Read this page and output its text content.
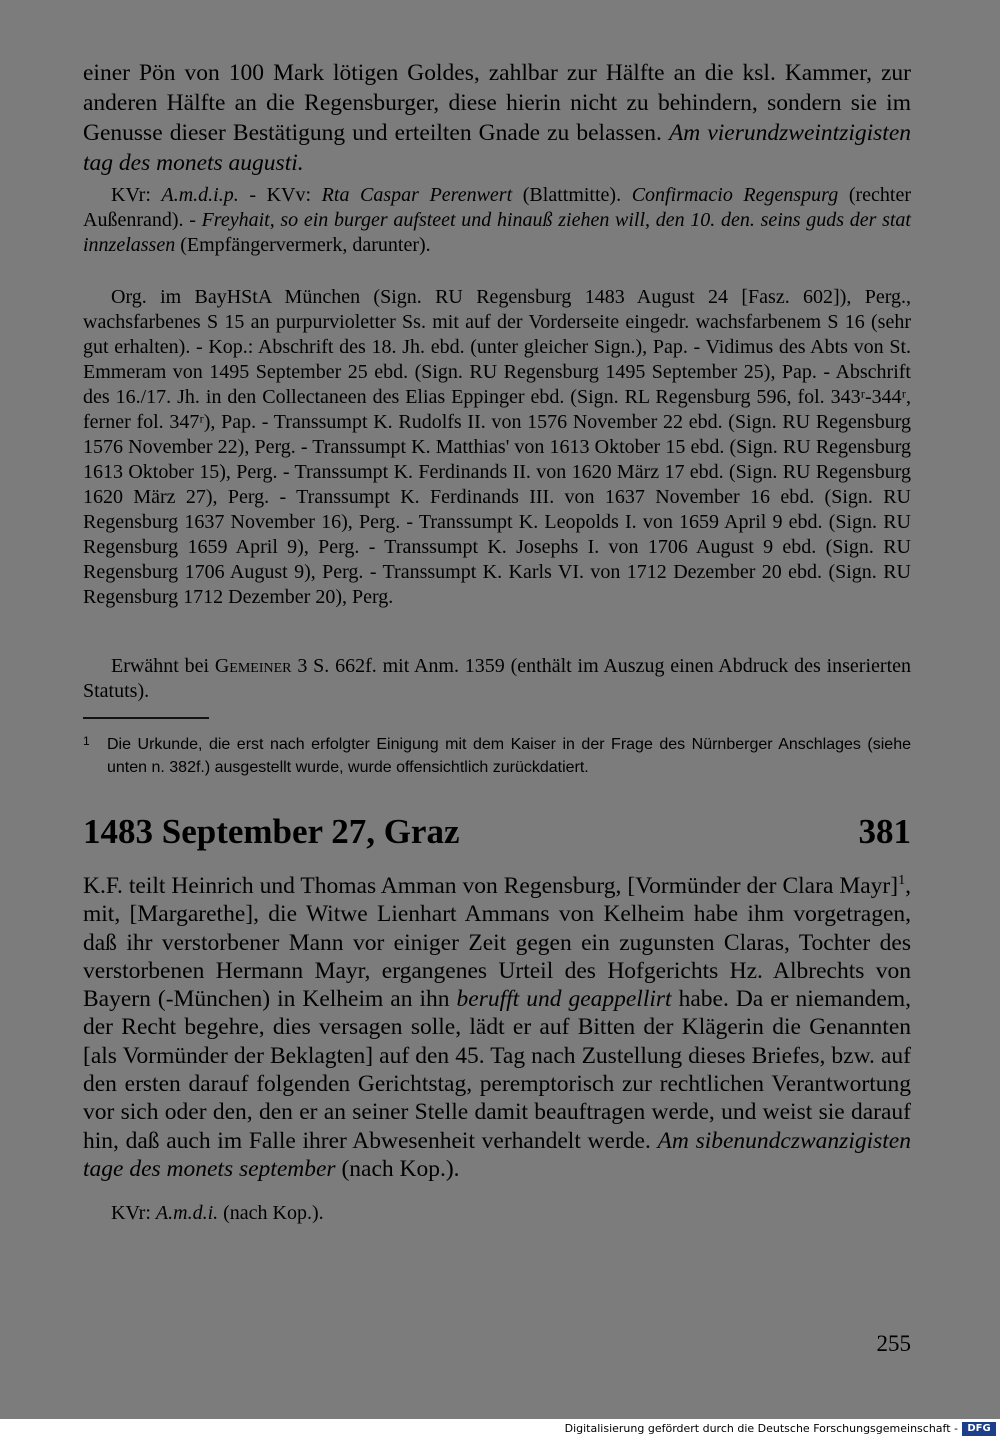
einer Pön von 100 Mark lötigen Goldes, zahlbar zur Hälfte an die ksl. Kammer, zur anderen Hälfte an die Regensburger, diese hierin nicht zu behindern, sondern sie im Genusse dieser Bestätigung und erteilten Gnade zu belassen. Am vierundzweintzigisten tag des monets augusti.
KVr: A.m.d.i.p. - KVv: Rta Caspar Perenwert (Blattmitte). Confirmacio Regenspurg (rechter Außenrand). - Freyhait, so ein burger aufsteet und hinauß ziehen will, den 10. den. seins guds der stat innzelassen (Empfängervermerk, darunter).
Org. im BayHStA München (Sign. RU Regensburg 1483 August 24 [Fasz. 602]), Perg., wachsfarbenes S 15 an purpurvioletter Ss. mit auf der Vorderseite eingedr. wachsfarbenem S 16 (sehr gut erhalten). - Kop.: Abschrift des 18. Jh. ebd. (unter gleicher Sign.), Pap. - Vidimus des Abts von St. Emmeram von 1495 September 25 ebd. (Sign. RU Regensburg 1495 September 25), Pap. - Abschrift des 16./17. Jh. in den Collectaneen des Elias Eppinger ebd. (Sign. RL Regensburg 596, fol. 343ʳ-344ʳ, ferner fol. 347ʳ), Pap. - Transsumpt K. Rudolfs II. von 1576 November 22 ebd. (Sign. RU Regensburg 1576 November 22), Perg. - Transsumpt K. Matthias' von 1613 Oktober 15 ebd. (Sign. RU Regensburg 1613 Oktober 15), Perg. - Transsumpt K. Ferdinands II. von 1620 März 17 ebd. (Sign. RU Regensburg 1620 März 27), Perg. - Transsumpt K. Ferdinands III. von 1637 November 16 ebd. (Sign. RU Regensburg 1637 November 16), Perg. - Transsumpt K. Leopolds I. von 1659 April 9 ebd. (Sign. RU Regensburg 1659 April 9), Perg. - Transsumpt K. Josephs I. von 1706 August 9 ebd. (Sign. RU Regensburg 1706 August 9), Perg. - Transsumpt K. Karls VI. von 1712 Dezember 20 ebd. (Sign. RU Regensburg 1712 Dezember 20), Perg.
Erwähnt bei Gemeiner 3 S. 662f. mit Anm. 1359 (enthält im Auszug einen Abdruck des inserierten Statuts).
1	Die Urkunde, die erst nach erfolgter Einigung mit dem Kaiser in der Frage des Nürnberger Anschlages (siehe unten n. 382f.) ausgestellt wurde, wurde offensichtlich zurückdatiert.
1483 September 27, Graz	381
K.F. teilt Heinrich und Thomas Amman von Regensburg, [Vormünder der Clara Mayr]$^1$, mit, [Margarethe], die Witwe Lienhart Ammans von Kelheim habe ihm vorgetragen, daß ihr verstorbener Mann vor einiger Zeit gegen ein zugunsten Claras, Tochter des verstorbenen Hermann Mayr, ergangenes Urteil des Hofgerichts Hz. Albrechts von Bayern (-München) in Kelheim an ihn berufft und geappellirt habe. Da er niemandem, der Recht begehre, dies versagen solle, lädt er auf Bitten der Klägerin die Genannten [als Vormünder der Beklagten] auf den 45. Tag nach Zustellung dieses Briefes, bzw. auf den ersten darauf folgenden Gerichtstag, peremptorisch zur rechtlichen Verantwortung vor sich oder den, den er an seiner Stelle damit beauftragen werde, und weist sie darauf hin, daß auch im Falle ihrer Abwesenheit verhandelt werde. Am sibenundczwanzigisten tage des monets september (nach Kop.).
KVr: A.m.d.i. (nach Kop.).
255
Digitalisierung gefördert durch die Deutsche Forschungsgemeinschaft - DFG
